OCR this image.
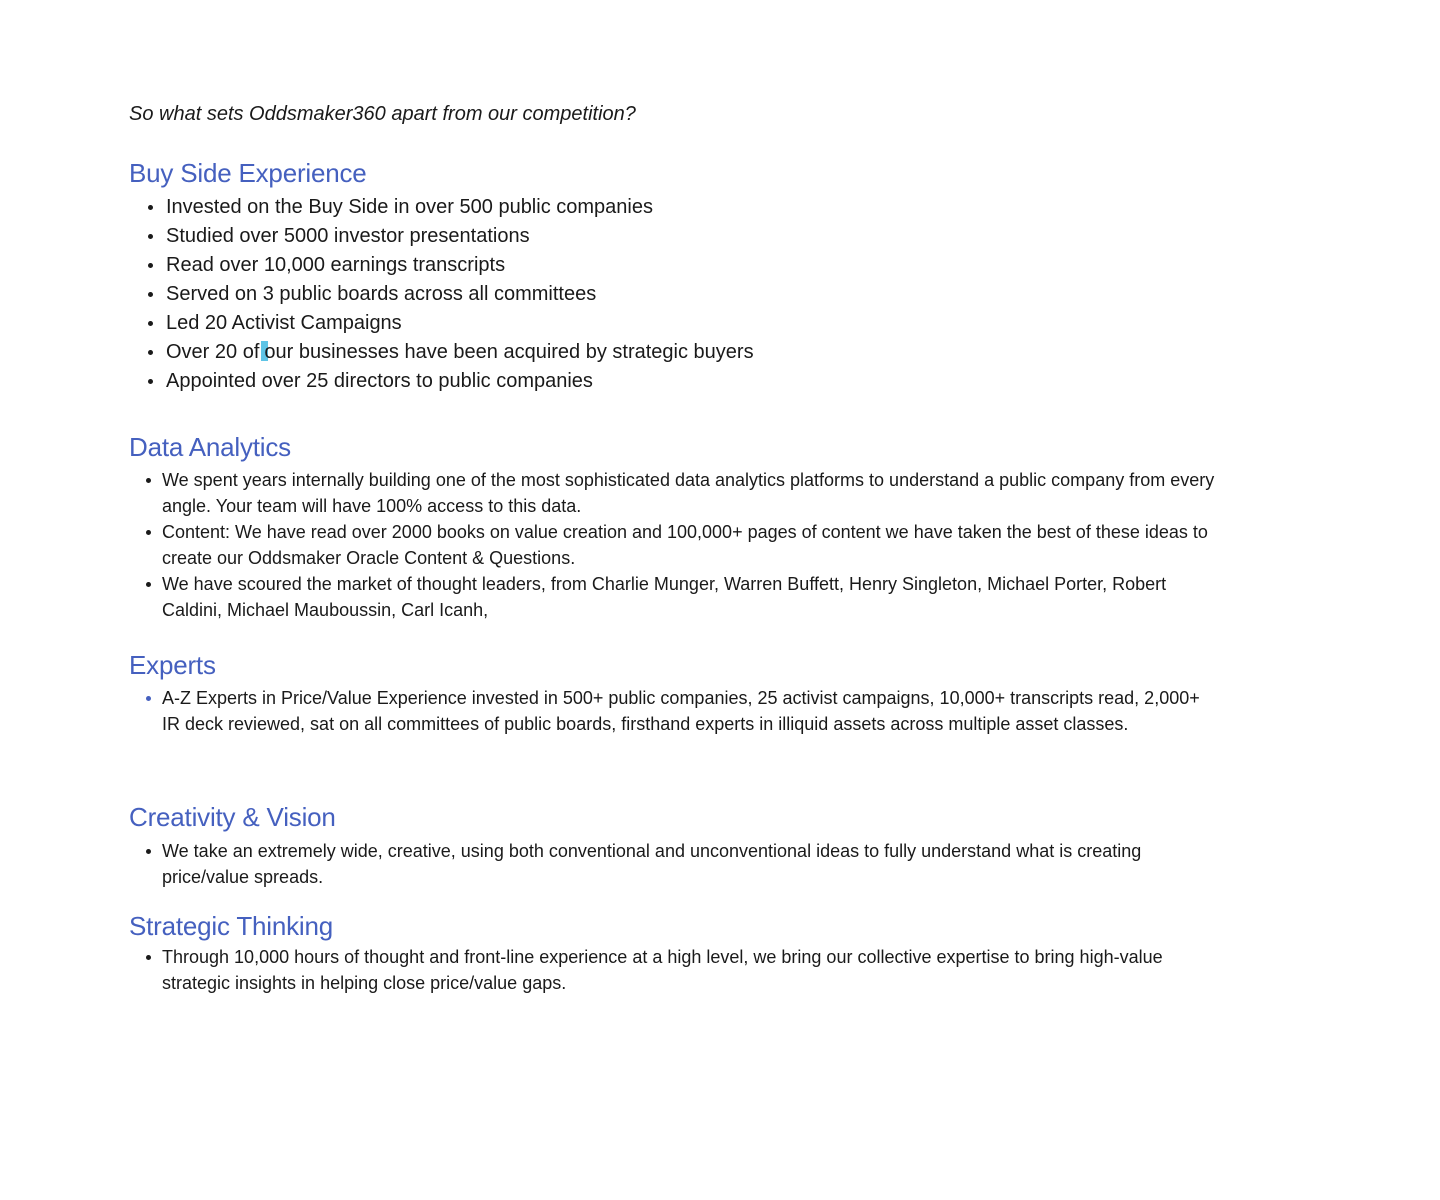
So what sets Oddsmaker360 apart from our competition?
Buy Side Experience
Invested on the Buy Side in over 500 public companies
Studied over 5000 investor presentations
Read over 10,000 earnings transcripts
Served on 3 public boards across all committees
Led 20 Activist Campaigns
Over 20 of our businesses have been acquired by strategic buyers
Appointed over 25 directors to public companies
Data Analytics
We spent years internally building one of the most sophisticated data analytics platforms to understand a public company from every angle. Your team will have 100% access to this data.
Content: We have read over 2000 books on value creation and 100,000+ pages of content we have taken the best of these ideas to create our Oddsmaker Oracle Content & Questions.
We have scoured the market of thought leaders, from Charlie Munger, Warren Buffett, Henry Singleton, Michael Porter, Robert Caldini, Michael Mauboussin, Carl Icanh,
Experts
A-Z Experts in Price/Value Experience invested in 500+ public companies, 25 activist campaigns, 10,000+ transcripts read, 2,000+ IR deck reviewed, sat on all committees of public boards, firsthand experts in illiquid assets across multiple asset classes.
Creativity & Vision
We take an extremely wide, creative, using both conventional and unconventional ideas to fully understand what is creating price/value spreads.
Strategic Thinking
Through 10,000 hours of thought and front-line experience at a high level, we bring our collective expertise to bring high-value strategic insights in helping close price/value gaps.
